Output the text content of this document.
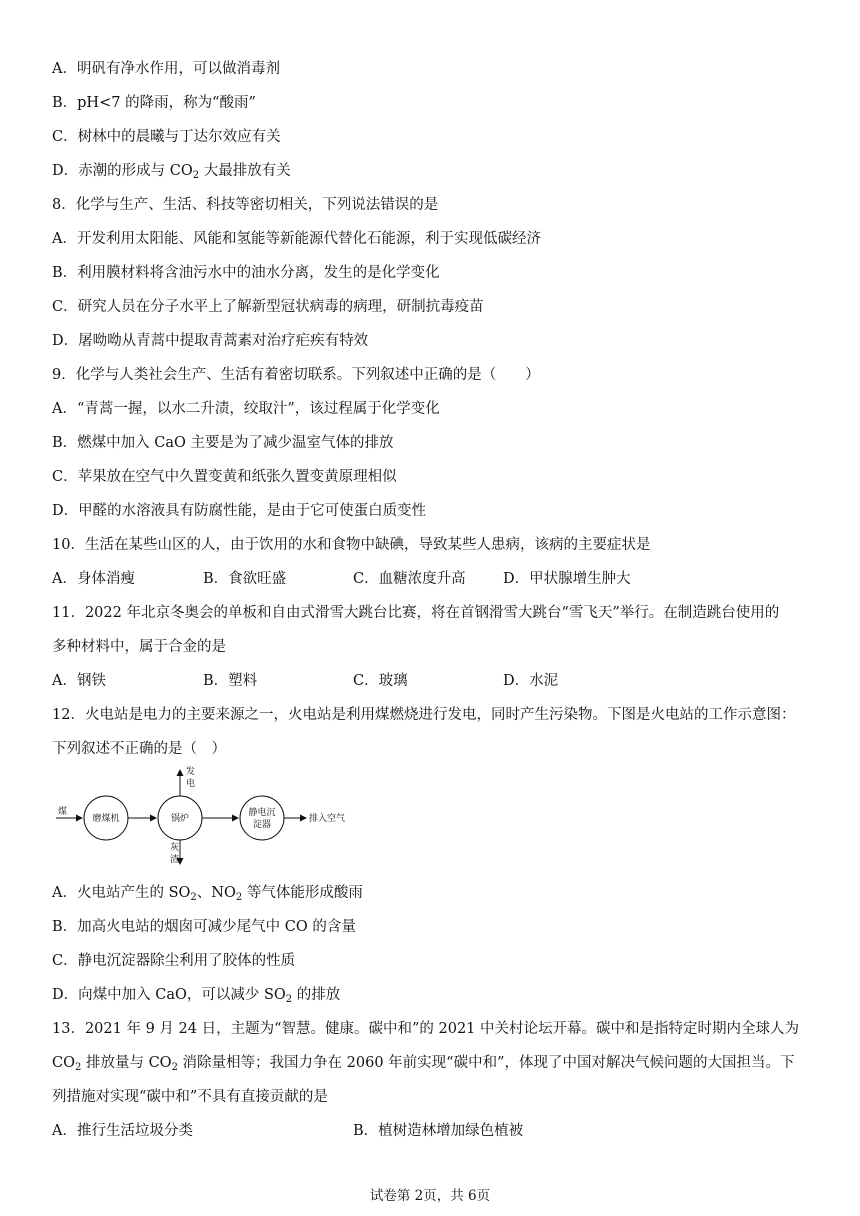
A．明矾有净水作用，可以做消毒剂
B．pH<7 的降雨，称为“酸雨”
C．树林中的晨曦与丁达尔效应有关
D．赤潮的形成与 $CO_2$ 大最排放有关
8．化学与生产、生活、科技等密切相关，下列说法错误的是
A．开发利用太阳能、风能和氢能等新能源代替化石能源，利于实现低碳经济
B．利用膜材料将含油污水中的油水分离，发生的是化学变化
C．研究人员在分子水平上了解新型冠状病毒的病理，研制抗毒疫苗
D．屠呦呦从青蒿中提取青蒿素对治疗疟疾有特效
9．化学与人类社会生产、生活有着密切联系。下列叙述中正确的是（　　）
A．“青蒿一握，以水二升渍，绞取汁”，该过程属于化学变化
B．燃煤中加入 CaO 主要是为了减少温室气体的排放
C．苹果放在空气中久置变黄和纸张久置变黄原理相似
D．甲醛的水溶液具有防腐性能，是由于它可使蛋白质变性
10．生活在某些山区的人，由于饮用的水和食物中缺碘，导致某些人患病，该病的主要症状是
A．身体消瘦	B．食欲旺盛	C．血糖浓度升高	D．甲状腺增生肿大
11．2022 年北京冬奥会的单板和自由式滑雪大跳台比赛，将在首钢滑雪大跳台“雪飞天”举行。在制造跳台使用的
多种材料中，属于合金的是
A．钢铁	B．塑料	C．玻璃	D．水泥
12．火电站是电力的主要来源之一，火电站是利用煤燃烧进行发电，同时产生污染物。下图是火电站的工作示意图：
下列叙述不正确的是（　）
煤
磨煤机	锅炉
发
电
灰
渣
静电沉
淀器
排入空气
A．火电站产生的 $SO_2$、$NO_2$ 等气体能形成酸雨
B．加高火电站的烟囱可减少尾气中 CO 的含量
C．静电沉淀器除尘利用了胶体的性质
D．向煤中加入 CaO，可以减少 $SO_2$ 的排放
13．2021 年 9 月 24 日，主题为“智慧。健康。碳中和”的 2021 中关村论坛开幕。碳中和是指特定时期内全球人为
$CO_2$ 排放量与 $CO_2$ 消除量相等；我国力争在 2060 年前实现“碳中和”，体现了中国对解决气候问题的大国担当。下
列措施对实现“碳中和”不具有直接贡献的是
A．推行生活垃圾分类	B．植树造林增加绿色植被
试卷第 2页，共 6页
